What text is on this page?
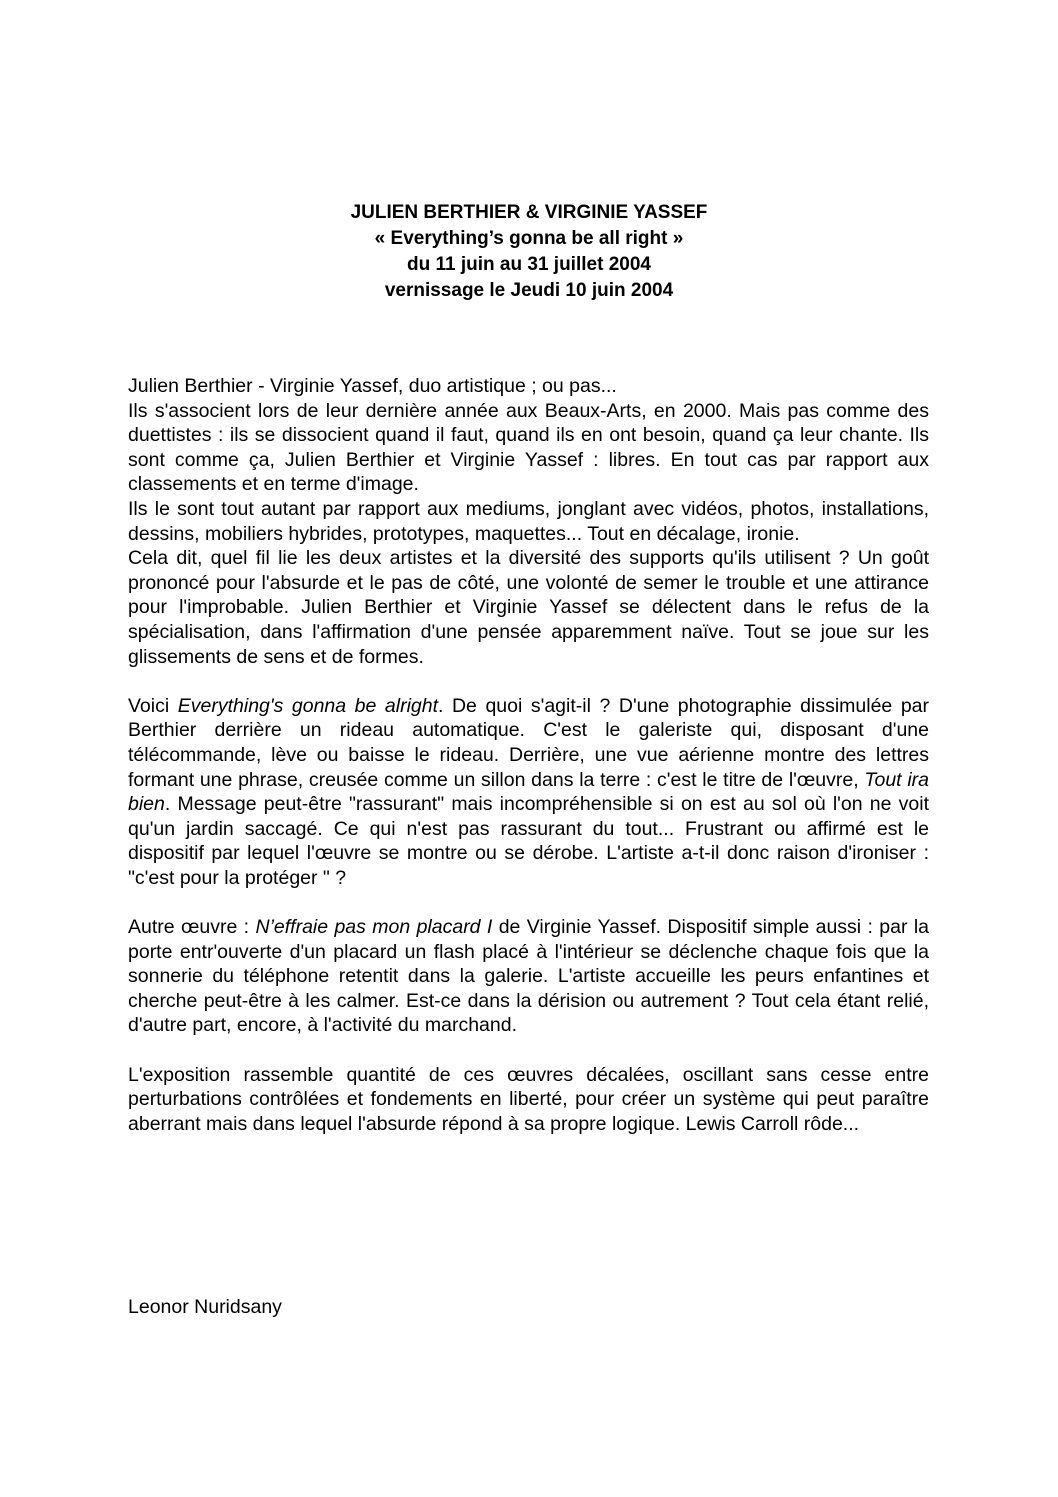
JULIEN BERTHIER & VIRGINIE YASSEF
« Everything’s gonna be all right »
du 11 juin au 31 juillet 2004
vernissage le Jeudi 10 juin 2004

Julien Berthier - Virginie Yassef, duo artistique ; ou pas...

Ils s'associent lors de leur dernière année aux Beaux-Arts, en 2000. Mais pas comme des duettistes : ils se dissocient quand il faut, quand ils en ont besoin, quand ça leur chante. Ils sont comme ça, Julien Berthier et Virginie Yassef : libres. En tout cas par rapport aux classements et en terme d'image.

Ils le sont tout autant par rapport aux mediums, jonglant avec vidéos, photos, installations, dessins, mobiliers hybrides, prototypes, maquettes... Tout en décalage, ironie.

Cela dit, quel fil lie les deux artistes et la diversité des supports qu'ils utilisent ? Un goût prononcé pour l'absurde et le pas de côté, une volonté de semer le trouble et une attirance pour l'improbable. Julien Berthier et Virginie Yassef se délectent dans le refus de la spécialisation, dans l'affirmation d'une pensée apparemment naïve. Tout se joue sur les glissements de sens et de formes.

Voici Everything's gonna be alright. De quoi s'agit-il ? D'une photographie dissimulée par Berthier derrière un rideau automatique. C'est le galeriste qui, disposant d'une télécommande, lève ou baisse le rideau. Derrière, une vue aérienne montre des lettres formant une phrase, creusée comme un sillon dans la terre : c'est le titre de l'œuvre, Tout ira bien. Message peut-être "rassurant" mais incompréhensible si on est au sol où l'on ne voit qu'un jardin saccagé. Ce qui n'est pas rassurant du tout... Frustrant ou affirmé est le dispositif par lequel l'œuvre se montre ou se dérobe. L'artiste a-t-il donc raison d'ironiser : "c'est pour la protéger " ?

Autre œuvre : N’effraie pas mon placard I de Virginie Yassef. Dispositif simple aussi : par la porte entr'ouverte d'un placard un flash placé à l'intérieur se déclenche chaque fois que la sonnerie du téléphone retentit dans la galerie. L'artiste accueille les peurs enfantines et cherche peut-être à les calmer. Est-ce dans la dérision ou autrement ? Tout cela étant relié, d'autre part, encore, à l'activité du marchand.

L'exposition rassemble quantité de ces œuvres décalées, oscillant sans cesse entre perturbations contrôlées et fondements en liberté, pour créer un système qui peut paraître aberrant mais dans lequel l'absurde répond à sa propre logique. Lewis Carroll rôde...

Leonor Nuridsany
